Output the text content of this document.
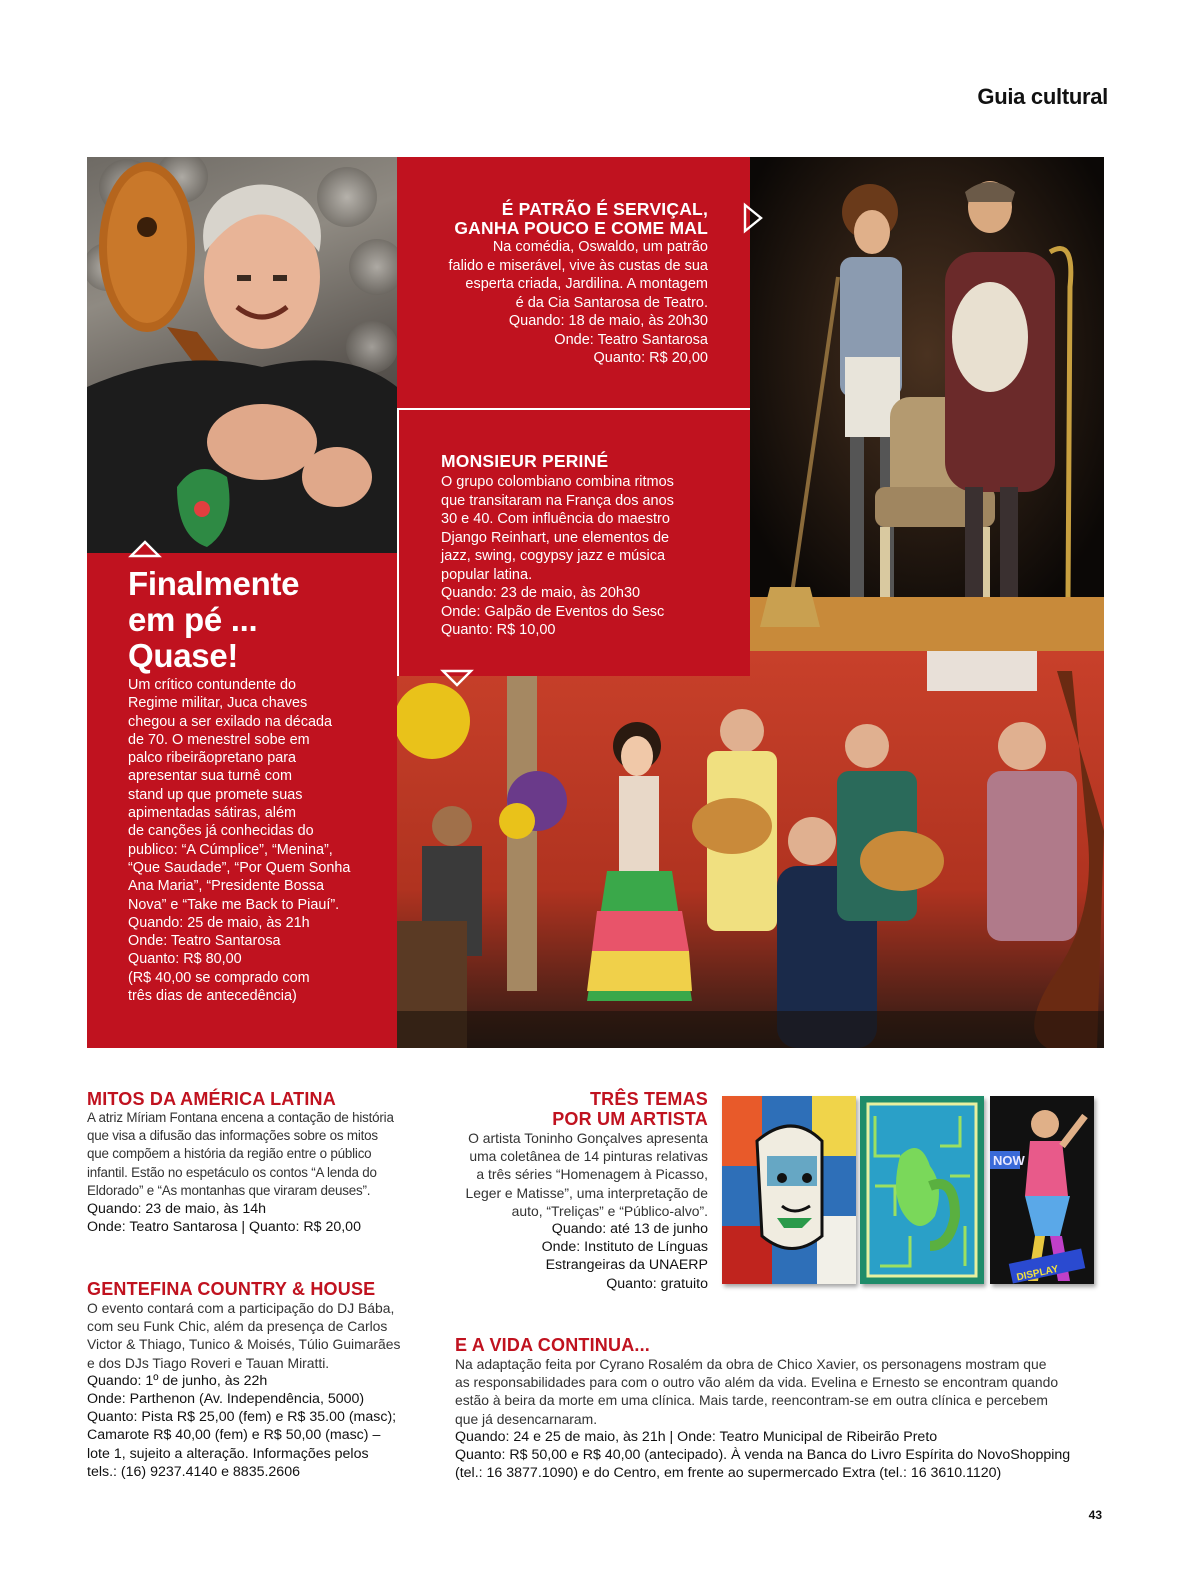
Guia cultural
É PATRÃO É SERVIÇAL,
GANHA POUCO E COME MAL
Na comédia, Oswaldo, um patrão
falido e miserável, vive às custas de sua
esperta criada, Jardilina. A montagem
é da Cia Santarosa de Teatro.
Quando: 18 de maio, às 20h30
Onde: Teatro Santarosa
Quanto: R$ 20,00
MONSIEUR PERINÉ
O grupo colombiano combina ritmos
que transitaram na França dos anos
30 e 40. Com influência do maestro
Django Reinhart, une elementos de
jazz, swing, cogypsy jazz e música
popular latina.
Quando: 23 de maio, às 20h30
Onde: Galpão de Eventos do Sesc
Quanto: R$ 10,00
Finalmente
em pé ...
Quase!
Um crítico contundente do
Regime militar, Juca chaves
chegou a ser exilado na década
de 70. O menestrel sobe em
palco ribeirãopretano para
apresentar sua turnê com
stand up que promete suas
apimentadas sátiras, além
de canções já conhecidas do
publico: “A Cúmplice”, “Menina”,
“Que Saudade”, “Por Quem Sonha
Ana Maria”, “Presidente Bossa
Nova” e “Take me Back to Piauí”.
Quando: 25 de maio, às 21h
Onde: Teatro Santarosa
Quanto: R$ 80,00
(R$ 40,00 se comprado com
três dias de antecedência)
MITOS DA AMÉRICA LATINA
A atriz Míriam Fontana encena a contação de história
que visa a difusão das informações sobre os mitos
que compõem a história da região entre o público
infantil. Estão no espetáculo os contos “A lenda do
Eldorado” e “As montanhas que viraram deuses”.
Quando: 23 de maio, às 14h
Onde: Teatro Santarosa | Quanto: R$ 20,00
GENTEFINA COUNTRY & HOUSE
O evento contará com a participação do DJ Bába,
com seu Funk Chic, além da presença de Carlos
Victor & Thiago, Tunico & Moisés, Túlio Guimarães
e dos DJs Tiago Roveri e Tauan Miratti.
Quando: 1º de junho, às 22h
Onde: Parthenon (Av. Independência, 5000)
Quanto: Pista R$ 25,00 (fem) e R$ 35.00 (masc);
Camarote R$ 40,00 (fem) e R$ 50,00 (masc) –
lote 1, sujeito a alteração. Informações pelos
tels.: (16) 9237.4140 e 8835.2606
TRÊS TEMAS
POR UM ARTISTA
O artista Toninho Gonçalves apresenta
uma coletânea de 14 pinturas relativas
a três séries “Homenagem à Picasso,
Leger e Matisse”, uma interpretação de
auto, “Treliças” e “Público-alvo”.
Quando: até 13 de junho
Onde: Instituto de Línguas
Estrangeiras da UNAERP
Quanto: gratuito
NOW
DISPLAY
E A VIDA CONTINUA...
Na adaptação feita por Cyrano Rosalém da obra de Chico Xavier, os personagens mostram que
as responsabilidades para com o outro vão além da vida. Evelina e Ernesto se encontram quando
estão à beira da morte em uma clínica. Mais tarde, reencontram-se em outra clínica e percebem
que já desencarnaram.
Quando: 24 e 25 de maio, às 21h | Onde: Teatro Municipal de Ribeirão Preto
Quanto: R$ 50,00 e R$ 40,00 (antecipado). À venda na Banca do Livro Espírita do NovoShopping
(tel.: 16 3877.1090) e do Centro, em frente ao supermercado Extra (tel.: 16 3610.1120)
43
